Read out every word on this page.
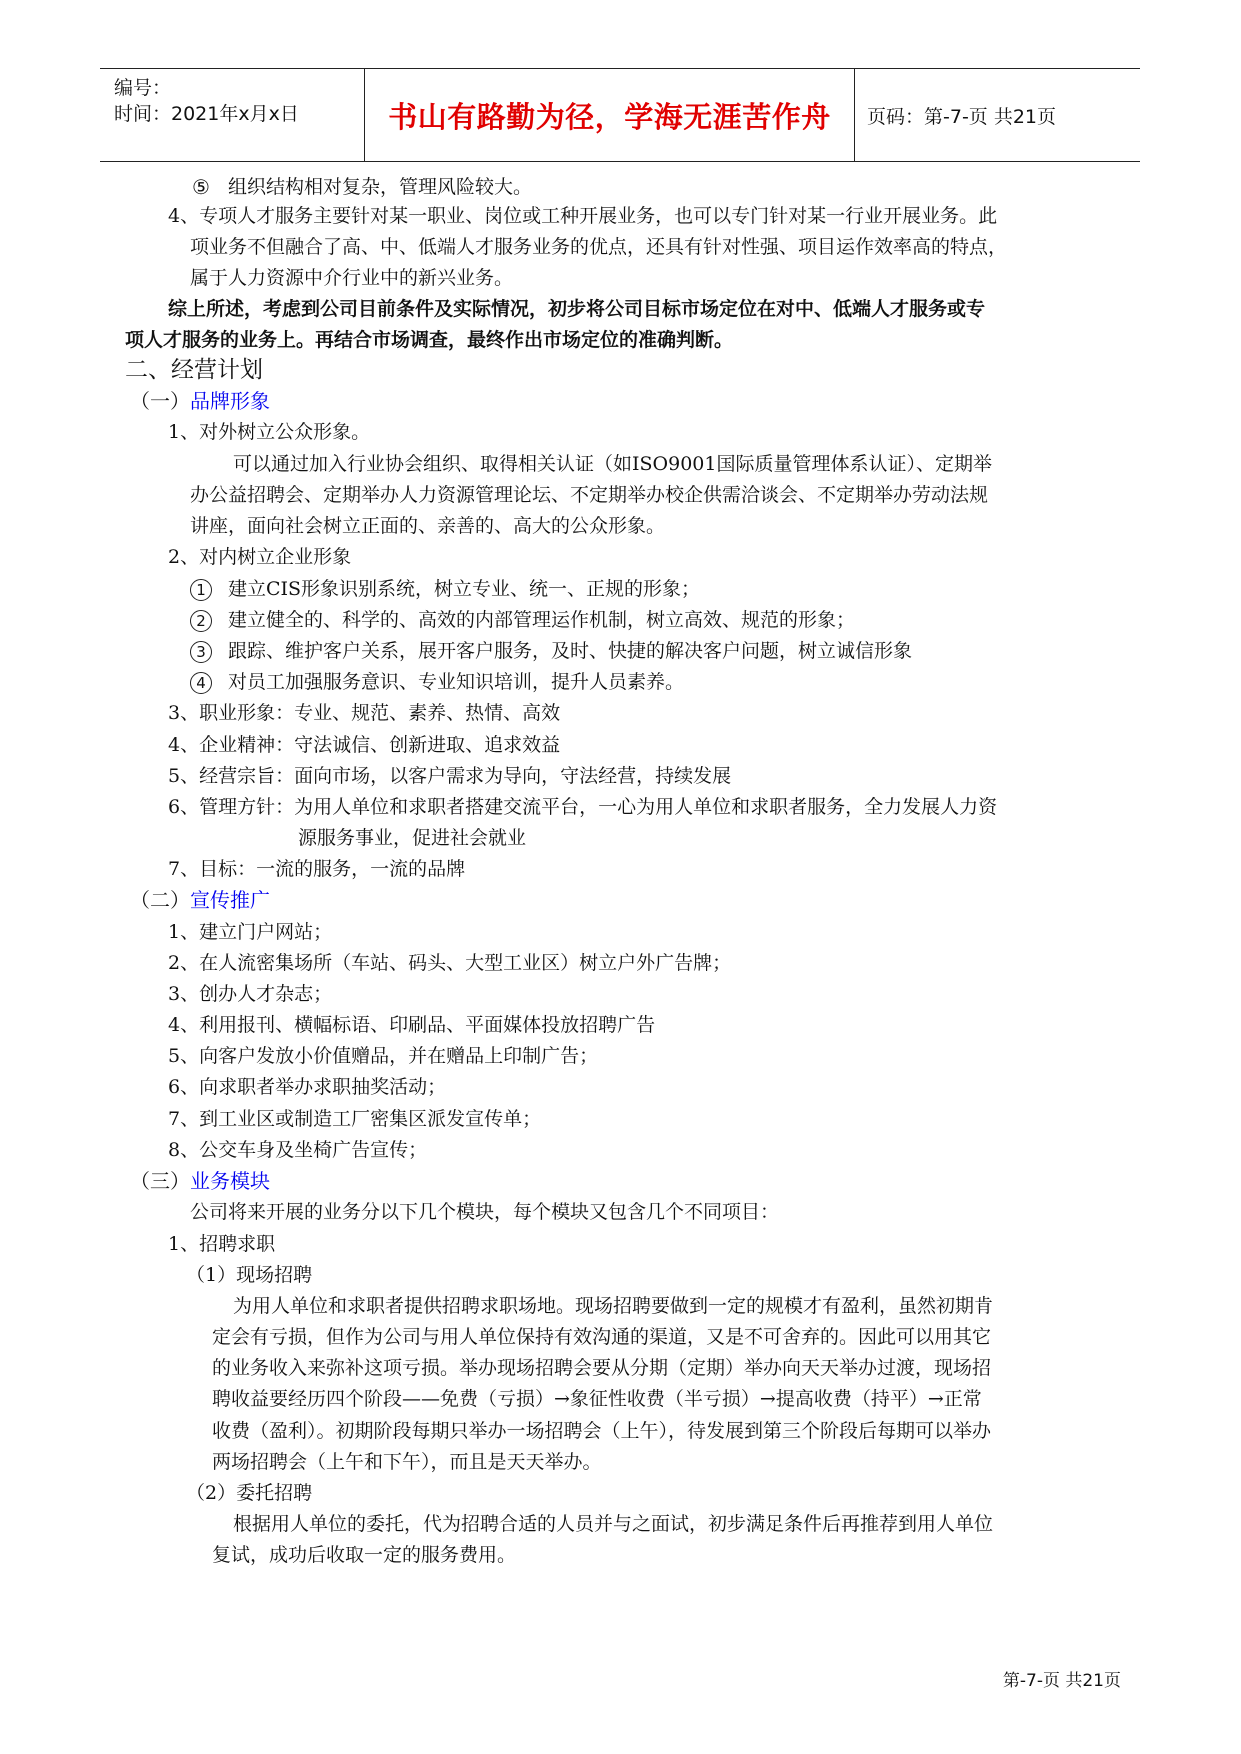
编号：
时间：2021年x月x日	书山有路勤为径，学海无涯苦作舟 页码：第-7-页 共21页
⑤ 组织结构相对复杂，管理风险较大。
4、专项人才服务主要针对某一职业、岗位或工种开展业务，也可以专门针对某一行业开展业务。此
项业务不但融合了高、中、低端人才服务业务的优点，还具有针对性强、项目运作效率高的特点，
属于人力资源中介行业中的新兴业务。
综上所述，考虑到公司目前条件及实际情况，初步将公司目标市场定位在对中、低端人才服务或专
项人才服务的业务上。再结合市场调查，最终作出市场定位的准确判断。
二、经营计划
（一）品牌形象
1、对外树立公众形象。
可以通过加入行业协会组织、取得相关认证（如ISO9001国际质量管理体系认证）、定期举
办公益招聘会、定期举办人力资源管理论坛、不定期举办校企供需洽谈会、不定期举办劳动法规
讲座，面向社会树立正面的、亲善的、高大的公众形象。
2、对内树立企业形象
1 建立CIS形象识别系统，树立专业、统一、正规的形象；
2 建立健全的、科学的、高效的内部管理运作机制，树立高效、规范的形象；
3 跟踪、维护客户关系，展开客户服务，及时、快捷的解决客户问题，树立诚信形象
4 对员工加强服务意识、专业知识培训，提升人员素养。
3、职业形象：专业、规范、素养、热情、高效
4、企业精神：守法诚信、创新进取、追求效益
5、经营宗旨：面向市场，以客户需求为导向，守法经营，持续发展
6、管理方针：为用人单位和求职者搭建交流平台，一心为用人单位和求职者服务，全力发展人力资
源服务事业，促进社会就业
7、目标：一流的服务，一流的品牌
（二）宣传推广
1、建立门户网站；
2、在人流密集场所（车站、码头、大型工业区）树立户外广告牌；
3、创办人才杂志；
4、利用报刊、横幅标语、印刷品、平面媒体投放招聘广告
5、向客户发放小价值赠品，并在赠品上印制广告；
6、向求职者举办求职抽奖活动；
7、到工业区或制造工厂密集区派发宣传单；
8、公交车身及坐椅广告宣传；
（三）业务模块
公司将来开展的业务分以下几个模块，每个模块又包含几个不同项目：
1、招聘求职
（1）现场招聘
为用人单位和求职者提供招聘求职场地。现场招聘要做到一定的规模才有盈利，虽然初期肯
定会有亏损，但作为公司与用人单位保持有效沟通的渠道，又是不可舍弃的。因此可以用其它
的业务收入来弥补这项亏损。举办现场招聘会要从分期（定期）举办向天天举办过渡，现场招
聘收益要经历四个阶段——免费（亏损）→象征性收费（半亏损）→提高收费（持平）→正常
收费（盈利）。初期阶段每期只举办一场招聘会（上午），待发展到第三个阶段后每期可以举办
两场招聘会（上午和下午），而且是天天举办。
（2）委托招聘
根据用人单位的委托，代为招聘合适的人员并与之面试，初步满足条件后再推荐到用人单位
复试，成功后收取一定的服务费用。
第-7-页 共21页
